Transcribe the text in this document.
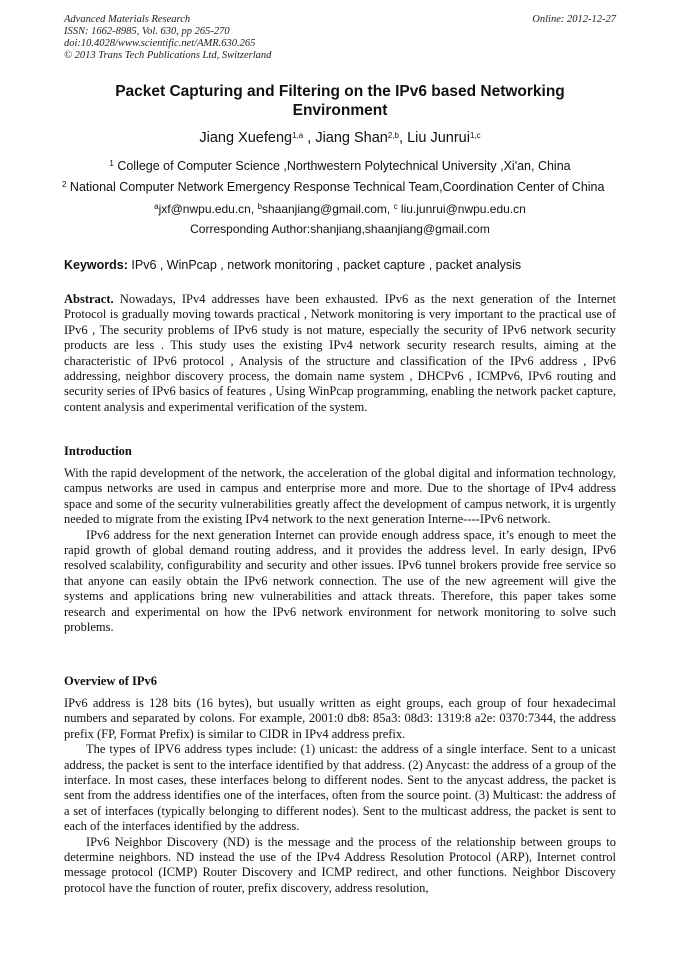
Advanced Materials Research
ISSN: 1662-8985, Vol. 630, pp 265-270
doi:10.4028/www.scientific.net/AMR.630.265
© 2013 Trans Tech Publications Ltd, Switzerland
Online: 2012-12-27
Packet Capturing and Filtering on the IPv6 based Networking
Environment
Jiang Xuefeng$^{1,a}$ , Jiang Shan$^{2,b}$, Liu Junrui$^{1,c}$
$^1$ College of Computer Science ,Northwestern Polytechnical University ,Xi'an, China
$^2$ National Computer Network Emergency Response Technical Team,Coordination Center of China
$^a$jxf@nwpu.edu.cn, $^b$shaanjiang@gmail.com, $^c$ liu.junrui@nwpu.edu.cn
Corresponding Author:shanjiang,shaanjiang@gmail.com
Keywords: IPv6 , WinPcap , network monitoring , packet capture , packet analysis

Abstract. Nowadays, IPv4 addresses have been exhausted. IPv6 as the next generation of the Internet Protocol is gradually moving towards practical , Network monitoring is very important to the practical use of IPv6 , The security problems of IPv6 study is not mature, especially the security of IPv6 network security products are less . This study uses the existing IPv4 network security research results, aiming at the characteristic of IPv6 protocol , Analysis of the structure and classification of the IPv6 address , IPv6 addressing, neighbor discovery process, the domain name system , DHCPv6 , ICMPv6, IPv6 routing and security series of IPv6 basics of features , Using WinPcap programming, enabling the network packet capture, content analysis and experimental verification of the system.

Introduction

With the rapid development of the network, the acceleration of the global digital and information technology, campus networks are used in campus and enterprise more and more. Due to the shortage of IPv4 address space and some of the security vulnerabilities greatly affect the development of campus network, it is urgently needed to migrate from the existing IPv4 network to the next generation Interne----IPv6 network.

IPv6 address for the next generation Internet can provide enough address space, it’s enough to meet the rapid growth of global demand routing address, and it provides the address level. In early design, IPv6 resolved scalability, configurability and security and other issues. IPv6 tunnel brokers provide free service so that anyone can easily obtain the IPv6 network connection. The use of the new agreement will give the systems and applications bring new vulnerabilities and attack threats. Therefore, this paper takes some research and experimental on how the IPv6 network environment for network monitoring to solve such problems.

Overview of IPv6

IPv6 address is 128 bits (16 bytes), but usually written as eight groups, each group of four hexadecimal numbers and separated by colons. For example, 2001:0 db8: 85a3: 08d3: 1319:8 a2e: 0370:7344, the address prefix (FP, Format Prefix) is similar to CIDR in IPv4 address prefix.

The types of IPV6 address types include: (1) unicast: the address of a single interface. Sent to a unicast address, the packet is sent to the interface identified by that address. (2) Anycast: the address of a group of the interface. In most cases, these interfaces belong to different nodes. Sent to the anycast address, the packet is sent from the address identifies one of the interfaces, often from the source point. (3) Multicast: the address of a set of interfaces (typically belonging to different nodes). Sent to the multicast address, the packet is sent to each of the interfaces identified by the address.

IPv6 Neighbor Discovery (ND) is the message and the process of the relationship between groups to determine neighbors. ND instead the use of the IPv4 Address Resolution Protocol (ARP), Internet control message protocol (ICMP) Router Discovery and ICMP redirect, and other functions. Neighbor Discovery protocol have the function of router, prefix discovery, address resolution,
